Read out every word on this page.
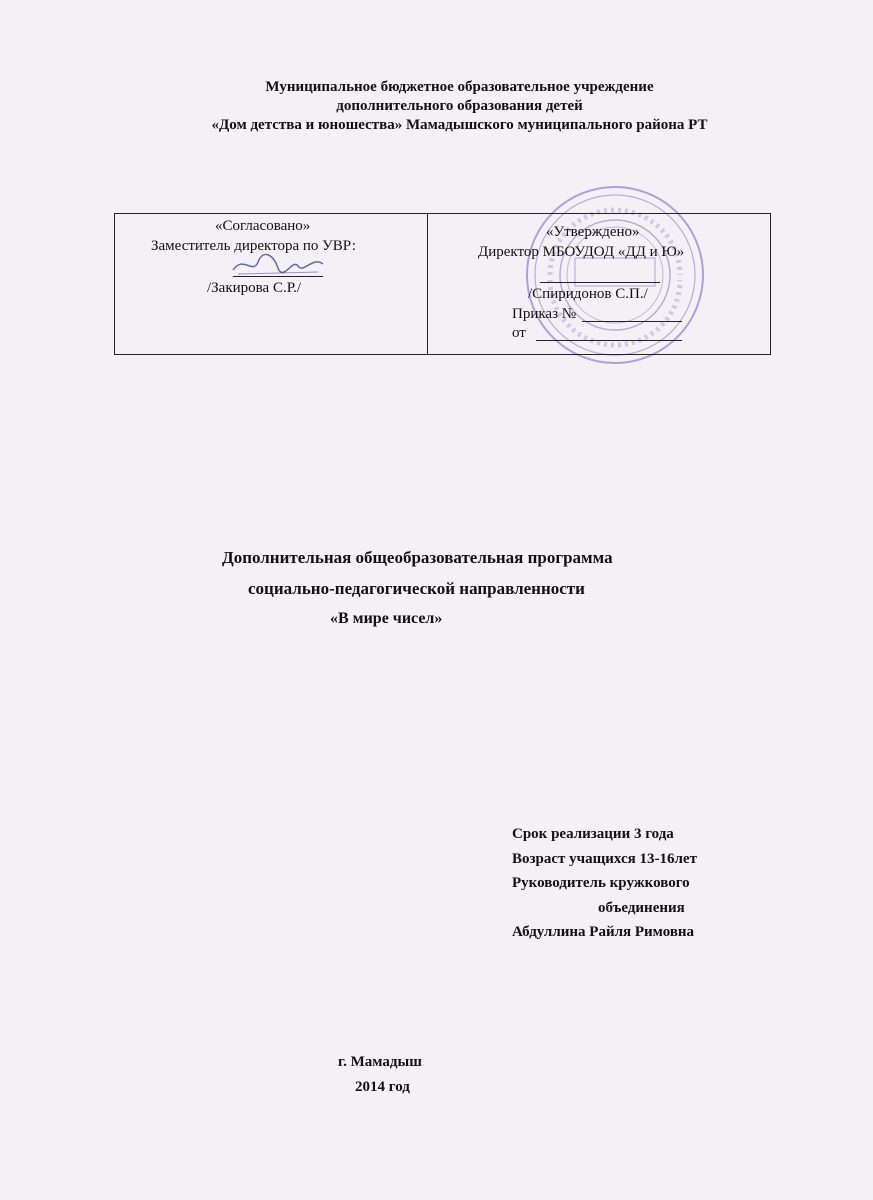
Муниципальное бюджетное образовательное учреждение
дополнительного образования детей
«Дом детства и юношества» Мамадышского муниципального района РТ
«Согласовано»
Заместитель директора по УВР:
/Закирова С.Р./
«Утверждено»
Директор МБОУДОД «ДД и Ю»
/Спиридонов С.П./
Приказ №
от
Дополнительная общеобразовательная программа
социально-педагогической направленности
«В мире чисел»
Срок реализации 3 года
Возраст учащихся 13-16лет
Руководитель кружкового
объединения
Абдуллина Райля Римовна
г. Мамадыш
2014 год
